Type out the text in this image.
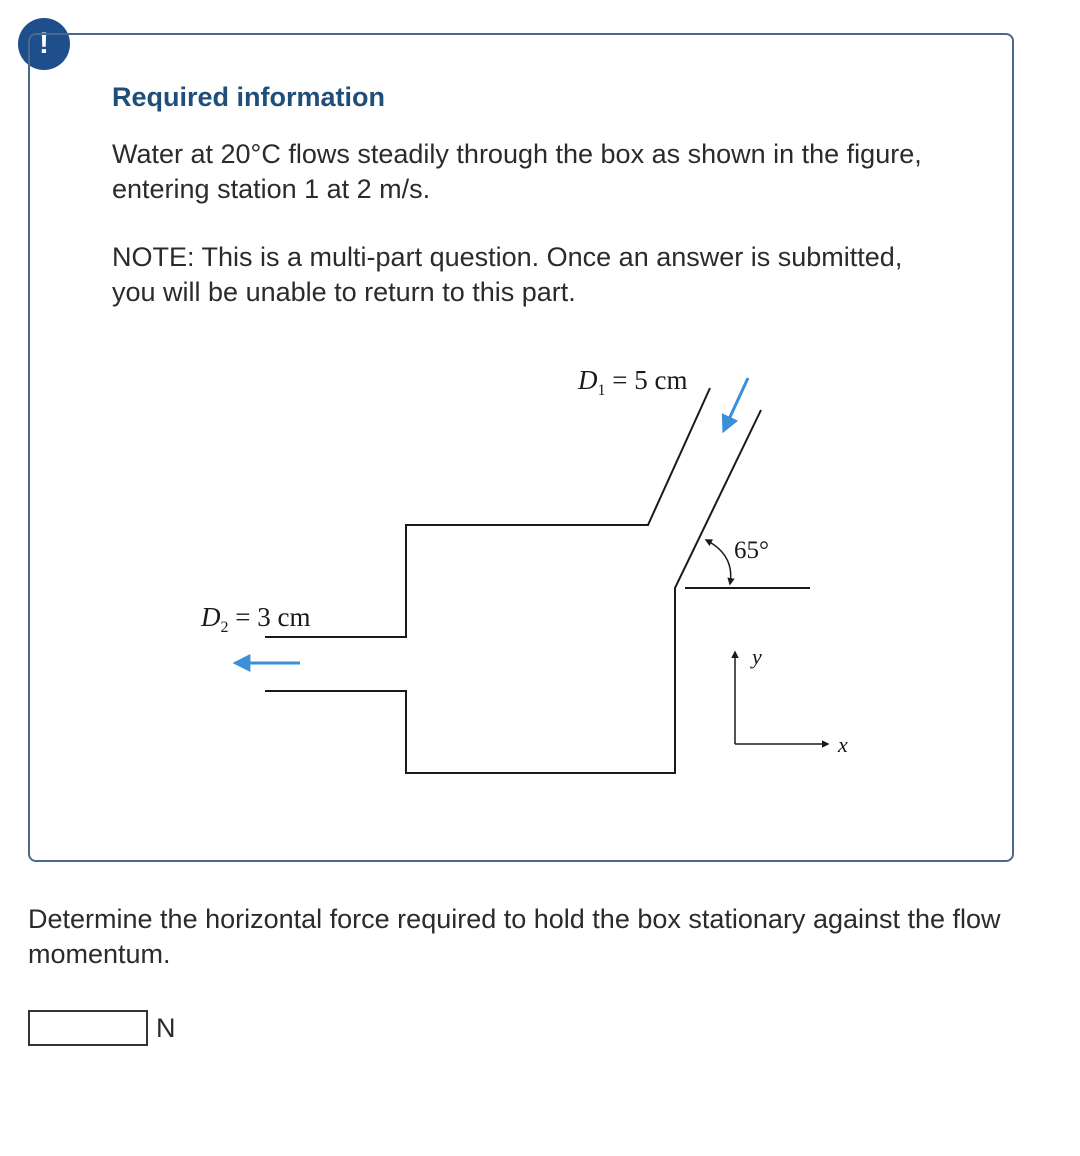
!
Required information
Water at 20°C flows steadily through the box as shown in the figure, entering station 1 at 2 m/s.
NOTE: This is a multi-part question. Once an answer is submitted, you will be unable to return to this part.
$D_1 = 5$ cm
$D_2 = 3$ cm
65°
y
x
Determine the horizontal force required to hold the box stationary against the flow momentum.
N
